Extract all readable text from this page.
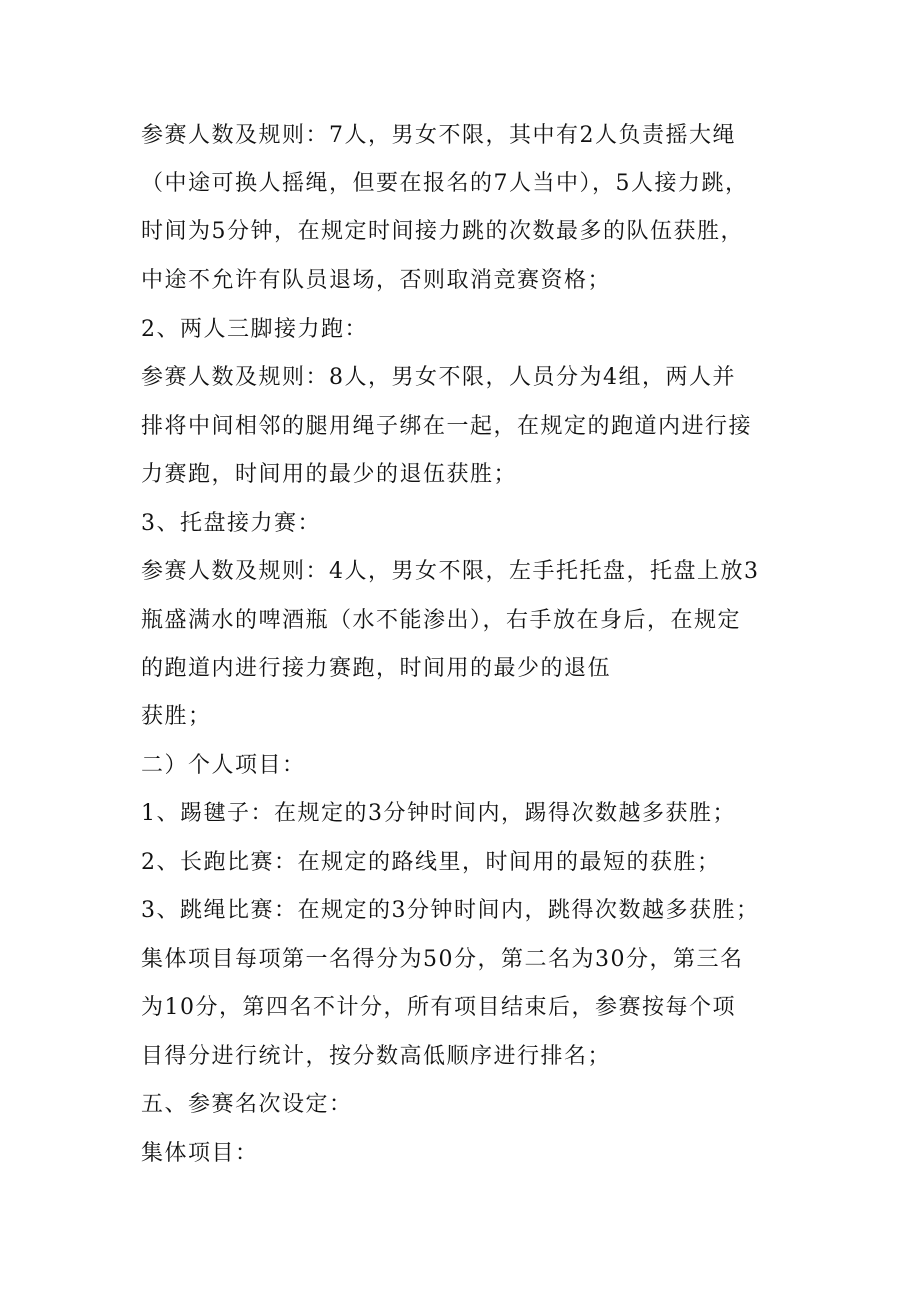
参赛人数及规则：7人，男女不限，其中有2人负责摇大绳
（中途可换人摇绳，但要在报名的7人当中），5人接力跳，
时间为5分钟，在规定时间接力跳的次数最多的队伍获胜，
中途不允许有队员退场，否则取消竞赛资格；
2、两人三脚接力跑：
参赛人数及规则：8人，男女不限，人员分为4组，两人并
排将中间相邻的腿用绳子绑在一起，在规定的跑道内进行接
力赛跑，时间用的最少的退伍获胜；
3、托盘接力赛：
参赛人数及规则：4人，男女不限，左手托托盘，托盘上放3
瓶盛满水的啤酒瓶（水不能渗出），右手放在身后，在规定
的跑道内进行接力赛跑，时间用的最少的退伍
获胜；
二）个人项目：
1、踢毽子：在规定的3分钟时间内，踢得次数越多获胜；
2、长跑比赛：在规定的路线里，时间用的最短的获胜；
3、跳绳比赛：在规定的3分钟时间内，跳得次数越多获胜；
集体项目每项第一名得分为50分，第二名为30分，第三名
为10分，第四名不计分，所有项目结束后，参赛按每个项
目得分进行统计，按分数高低顺序进行排名；
五、参赛名次设定：
集体项目：
